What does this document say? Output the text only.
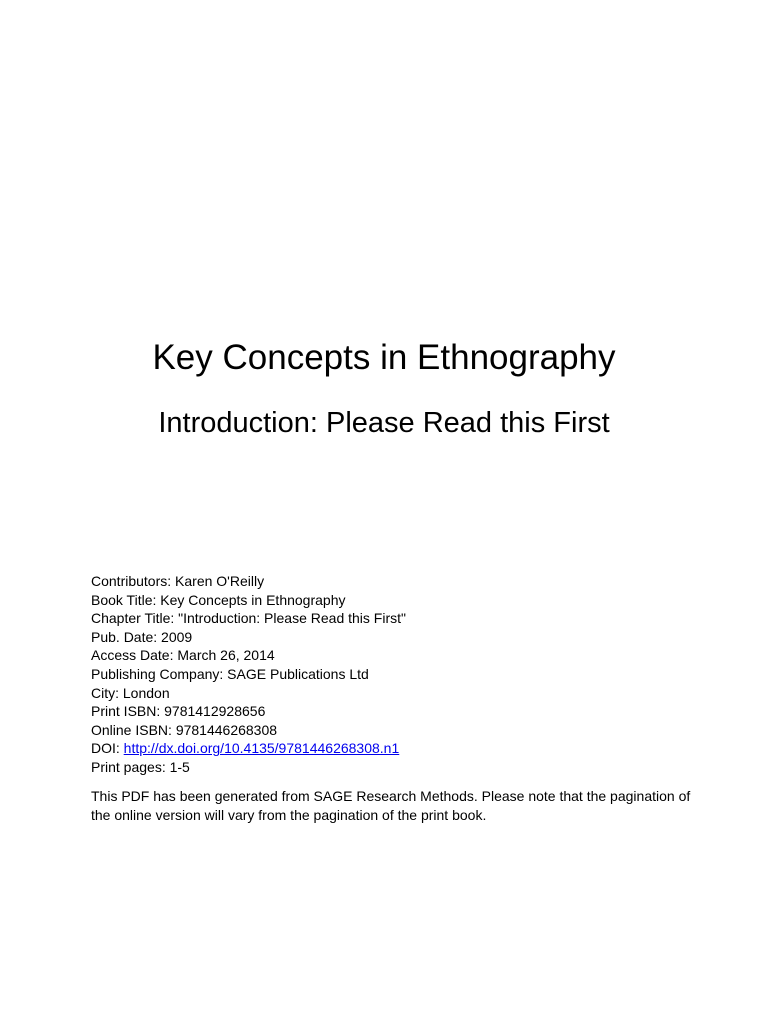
Key Concepts in Ethnography
Introduction: Please Read this First
Contributors: Karen O'Reilly
Book Title: Key Concepts in Ethnography
Chapter Title: "Introduction: Please Read this First"
Pub. Date: 2009
Access Date: March 26, 2014
Publishing Company: SAGE Publications Ltd
City: London
Print ISBN: 9781412928656
Online ISBN: 9781446268308
DOI: http://dx.doi.org/10.4135/9781446268308.n1
Print pages: 1-5

This PDF has been generated from SAGE Research Methods. Please note that the pagination of the online version will vary from the pagination of the print book.
